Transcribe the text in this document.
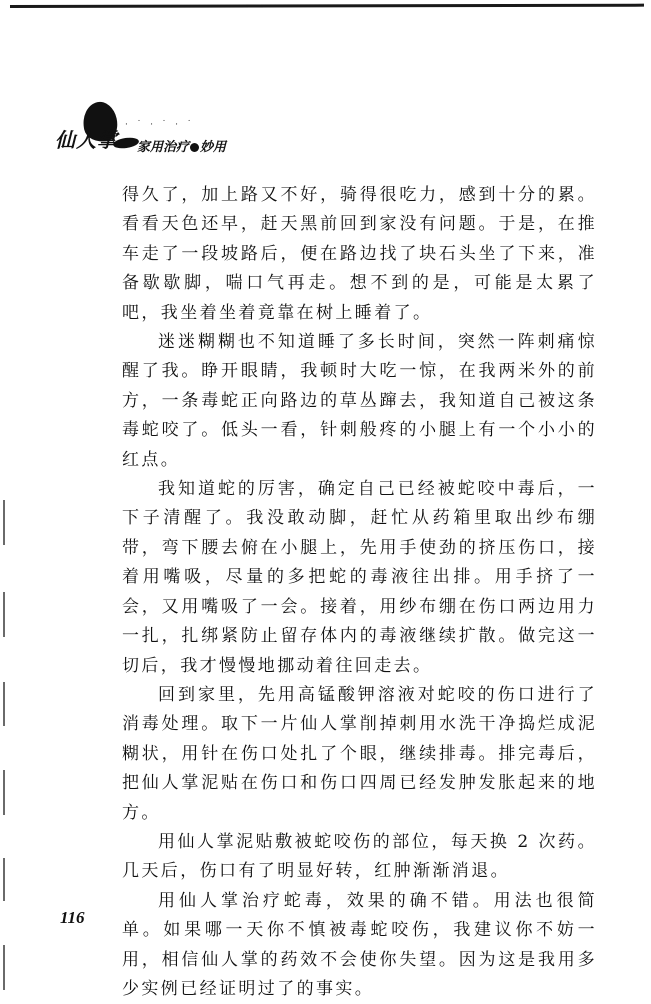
· ˙ · ˙ · ˙
仙人掌 家用治疗 妙用

得久了，加上路又不好，骑得很吃力，感到十分的累。看看天色还早，赶天黑前回到家没有问题。于是，在推车走了一段坡路后，便在路边找了块石头坐了下来，准备歇歇脚，喘口气再走。想不到的是，可能是太累了吧，我坐着坐着竟靠在树上睡着了。

迷迷糊糊也不知道睡了多长时间，突然一阵刺痛惊醒了我。睁开眼睛，我顿时大吃一惊，在我两米外的前方，一条毒蛇正向路边的草丛蹿去，我知道自己被这条毒蛇咬了。低头一看，针刺般疼的小腿上有一个小小的红点。

我知道蛇的厉害，确定自己已经被蛇咬中毒后，一下子清醒了。我没敢动脚，赶忙从药箱里取出纱布绷带，弯下腰去俯在小腿上，先用手使劲的挤压伤口，接着用嘴吸，尽量的多把蛇的毒液往出排。用手挤了一会，又用嘴吸了一会。接着，用纱布绷在伤口两边用力一扎，扎绑紧防止留存体内的毒液继续扩散。做完这一切后，我才慢慢地挪动着往回走去。

回到家里，先用高锰酸钾溶液对蛇咬的伤口进行了消毒处理。取下一片仙人掌削掉刺用水洗干净捣烂成泥糊状，用针在伤口处扎了个眼，继续排毒。排完毒后，把仙人掌泥贴在伤口和伤口四周已经发肿发胀起来的地方。

用仙人掌泥贴敷被蛇咬伤的部位，每天换 2 次药。几天后，伤口有了明显好转，红肿渐渐消退。

用仙人掌治疗蛇毒，效果的确不错。用法也很简单。如果哪一天你不慎被毒蛇咬伤，我建议你不妨一用，相信仙人掌的药效不会使你失望。因为这是我用多少实例已经证明过了的事实。

116
